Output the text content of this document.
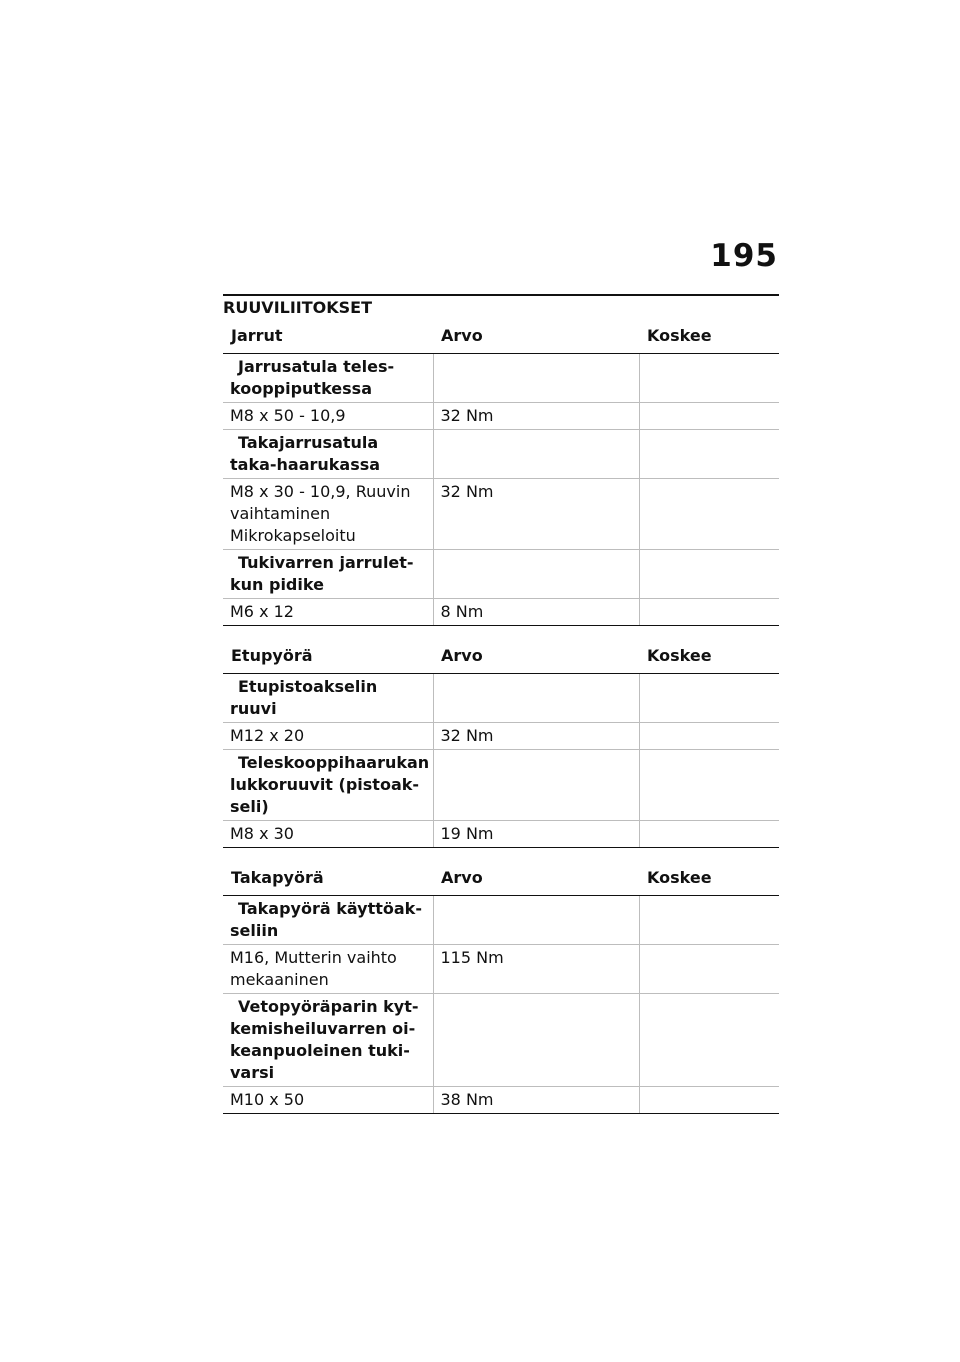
195
RUUVILIITOKSET
Jarrut	Arvo	Koskee
Jarrusatula teles-kooppiputkessa		
M8 x 50 - 10,9	32 Nm	
Takajarrusatula taka-haarukassa		
M8 x 30 - 10,9, Ruuvin vaihtaminen Mikrokapseloitu	32 Nm	
Tukivarren jarrulet-kun pidike		
M6 x 12	8 Nm	
Etupyörä	Arvo	Koskee
Etupistoakselin ruuvi		
M12 x 20	32 Nm	
Teleskooppihaarukan lukkoruuvit (pistoak-seli)		
M8 x 30	19 Nm	
Takapyörä	Arvo	Koskee
Takapyörä käyttöak-seliin		
M16, Mutterin vaihto mekaaninen	115 Nm	
Vetopyöräparin kyt-kemisheiluvarren oi-keanpuoleinen tuki-varsi		
M10 x 50	38 Nm	
